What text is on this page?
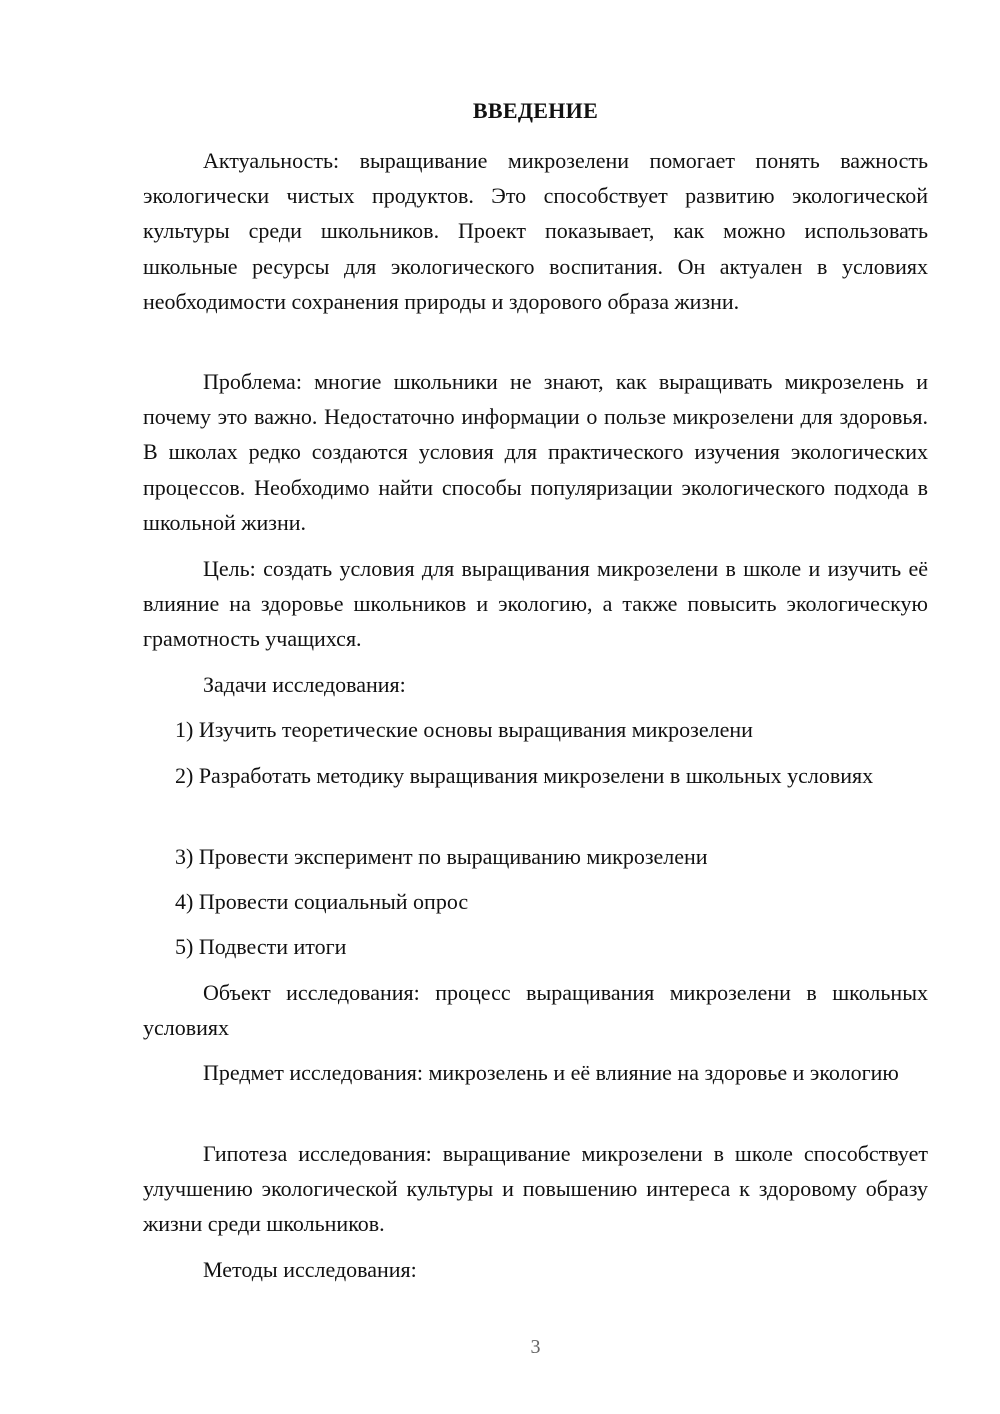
ВВЕДЕНИЕ

Актуальность: выращивание микрозелени помогает понять важность экологически чистых продуктов. Это способствует развитию экологической культуры среди школьников. Проект показывает, как можно использовать школьные ресурсы для экологического воспитания. Он актуален в условиях необходимости сохранения природы и здорового образа жизни.

Проблема: многие школьники не знают, как выращивать микрозелень и почему это важно. Недостаточно информации о пользе микрозелени для здоровья. В школах редко создаются условия для практического изучения экологических процессов. Необходимо найти способы популяризации экологического подхода в школьной жизни.

Цель: создать условия для выращивания микрозелени в школе и изучить её влияние на здоровье школьников и экологию, а также повысить экологическую грамотность учащихся.

Задачи исследования:

1) Изучить теоретические основы выращивания микрозелени

2) Разработать методику выращивания микрозелени в школьных условиях

3) Провести эксперимент по выращиванию микрозелени

4) Провести социальный опрос

5) Подвести итоги

Объект исследования: процесс выращивания микрозелени в школьных условиях

Предмет исследования: микрозелень и её влияние на здоровье и экологию

Гипотеза исследования: выращивание микрозелени в школе способствует улучшению экологической культуры и повышению интереса к здоровому образу жизни среди школьников.

Методы исследования:

3
